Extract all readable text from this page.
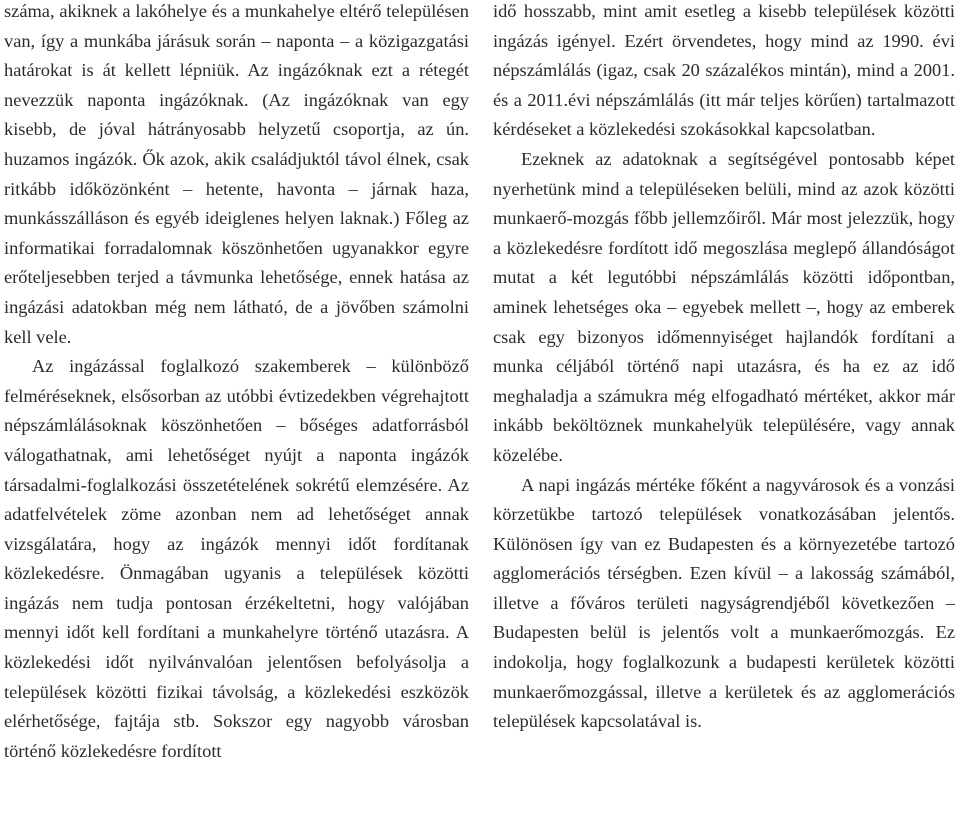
száma, akiknek a lakóhelye és a munkahelye eltérő településen van, így a munkába járásuk során – naponta – a közigazgatási határokat is át kellett lépniük. Az ingázóknak ezt a rétegét nevezzük naponta ingázóknak. (Az ingázóknak van egy kisebb, de jóval hátrányosabb helyzetű csoportja, az ún. huzamos ingázók. Ők azok, akik családjuktól távol élnek, csak ritkább időközönként – hetente, havonta – járnak haza, munkásszálláson és egyéb ideiglenes helyen laknak.) Főleg az informatikai forradalomnak köszönhetően ugyanakkor egyre erőteljesebben terjed a távmunka lehetősége, ennek hatása az ingázási adatokban még nem látható, de a jövőben számolni kell vele.

Az ingázással foglalkozó szakemberek – különböző felméréseknek, elsősorban az utóbbi évtizedekben végrehajtott népszámlálásoknak köszönhetően – bőséges adatforrásból válogathatnak, ami lehetőséget nyújt a naponta ingázók társadalmi-foglalkozási összetételének sokrétű elemzésére. Az adatfelvételek zöme azonban nem ad lehetőséget annak vizsgálatára, hogy az ingázók mennyi időt fordítanak közlekedésre. Önmagában ugyanis a települések közötti ingázás nem tudja pontosan érzékeltetni, hogy valójában mennyi időt kell fordítani a munkahelyre történő utazásra. A közlekedési időt nyilvánvalóan jelentősen befolyásolja a települések közötti fizikai távolság, a közlekedési eszközök elérhetősége, fajtája stb. Sokszor egy nagyobb városban történő közlekedésre fordított

idő hosszabb, mint amit esetleg a kisebb települések közötti ingázás igényel. Ezért örvendetes, hogy mind az 1990. évi népszámlálás (igaz, csak 20 százalékos mintán), mind a 2001. és a 2011.évi népszámlálás (itt már teljes körűen) tartalmazott kérdéseket a közlekedési szokásokkal kapcsolatban.

Ezeknek az adatoknak a segítségével pontosabb képet nyerhetünk mind a településeken belüli, mind az azok közötti munkaerő-mozgás főbb jellemzőiről. Már most jelezzük, hogy a közlekedésre fordított idő megoszlása meglepő állandóságot mutat a két legutóbbi népszámlálás közötti időpontban, aminek lehetséges oka – egyebek mellett –, hogy az emberek csak egy bizonyos időmennyiséget hajlandók fordítani a munka céljából történő napi utazásra, és ha ez az idő meghaladja a számukra még elfogadható mértéket, akkor már inkább beköltöznek munkahelyük településére, vagy annak közelébe.

A napi ingázás mértéke főként a nagyvárosok és a vonzási körzetükbe tartozó települések vonatkozásában jelentős. Különösen így van ez Budapesten és a környezetébe tartozó agglomerációs térségben. Ezen kívül – a lakosság számából, illetve a főváros területi nagyságrendjéből következően – Budapesten belül is jelentős volt a munkaerőmozgás. Ez indokolja, hogy foglalkozunk a budapesti kerületek közötti munkaerőmozgással, illetve a kerületek és az agglomerációs települések kapcsolatával is.
